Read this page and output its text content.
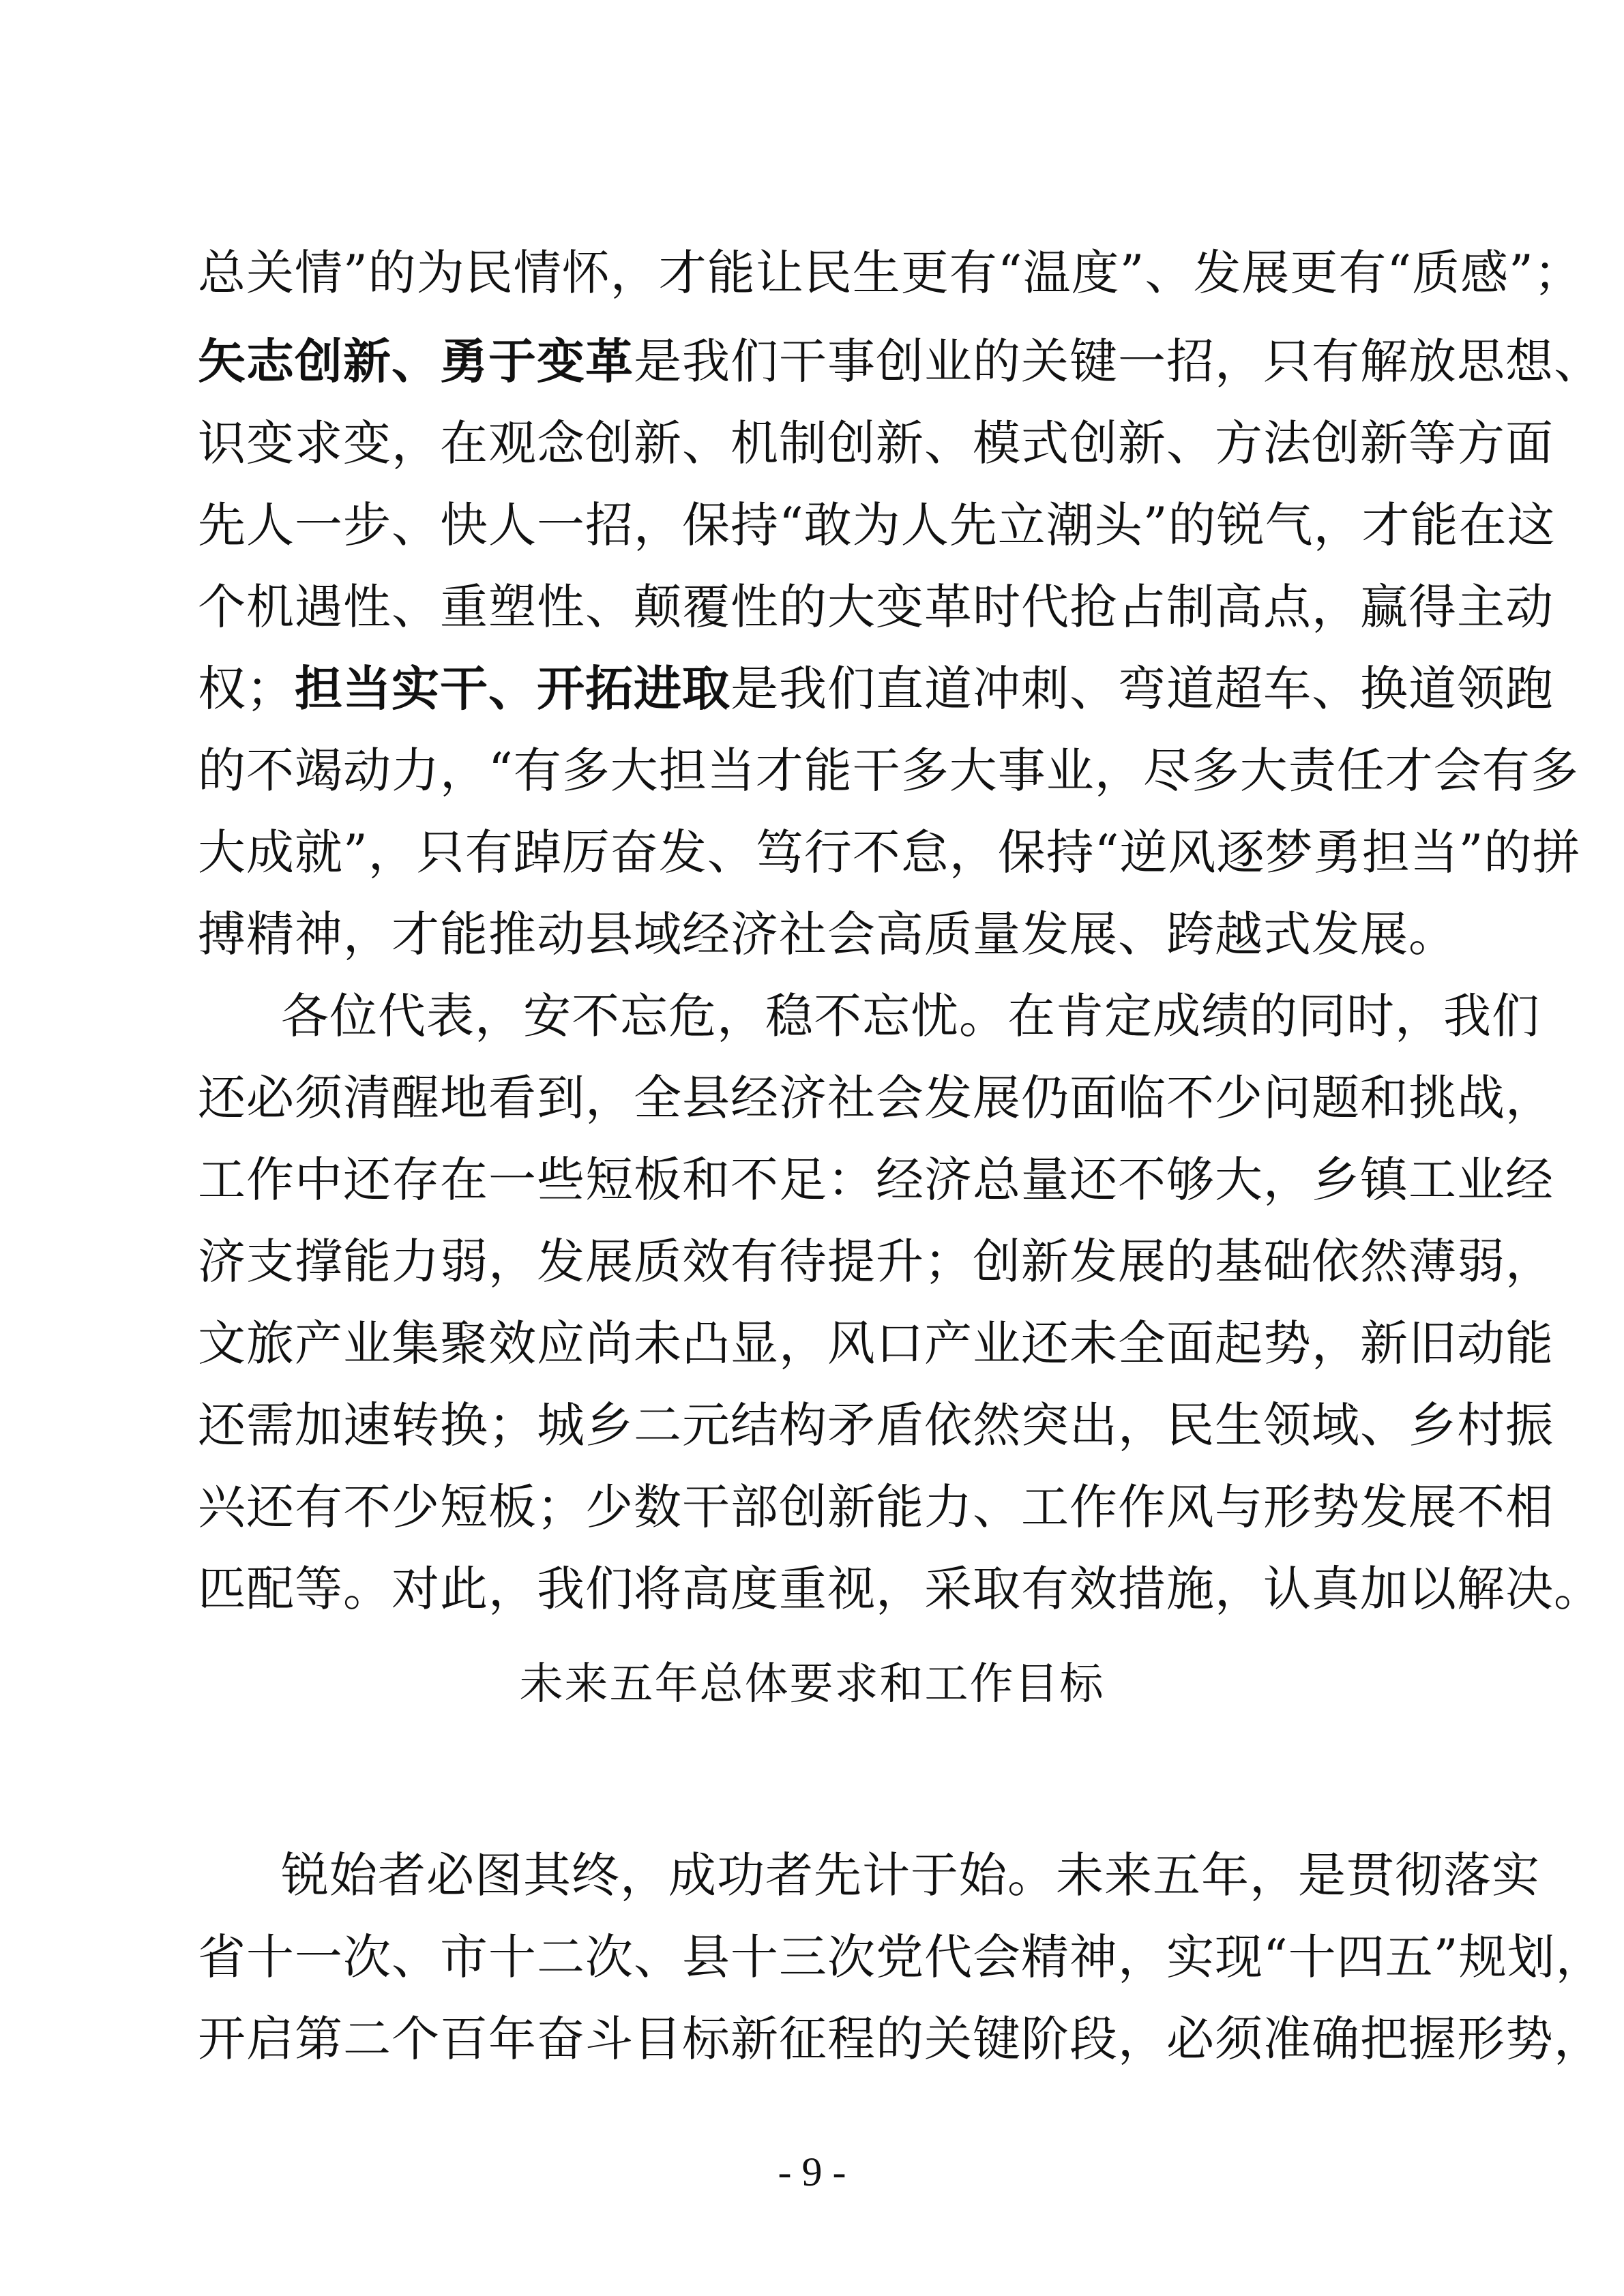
总关情”的为民情怀，才能让民生更有“温度”、发展更有“质感”；
矢志创新、勇于变革是我们干事创业的关键一招，只有解放思想、
识变求变，在观念创新、机制创新、模式创新、方法创新等方面
先人一步、快人一招，保持“敢为人先立潮头”的锐气，才能在这
个机遇性、重塑性、颠覆性的大变革时代抢占制高点，赢得主动
权；担当实干、开拓进取是我们直道冲刺、弯道超车、换道领跑
的不竭动力，“有多大担当才能干多大事业，尽多大责任才会有多
大成就”，只有踔厉奋发、笃行不怠，保持“逆风逐梦勇担当”的拼
搏精神，才能推动县域经济社会高质量发展、跨越式发展。
各位代表，安不忘危，稳不忘忧。在肯定成绩的同时，我们
还必须清醒地看到，全县经济社会发展仍面临不少问题和挑战，
工作中还存在一些短板和不足：经济总量还不够大，乡镇工业经
济支撑能力弱，发展质效有待提升；创新发展的基础依然薄弱，
文旅产业集聚效应尚未凸显，风口产业还未全面起势，新旧动能
还需加速转换；城乡二元结构矛盾依然突出，民生领域、乡村振
兴还有不少短板；少数干部创新能力、工作作风与形势发展不相
匹配等。对此，我们将高度重视，采取有效措施，认真加以解决。
未来五年总体要求和工作目标
锐始者必图其终，成功者先计于始。未来五年，是贯彻落实
省十一次、市十二次、县十三次党代会精神，实现“十四五”规划，
开启第二个百年奋斗目标新征程的关键阶段，必须准确把握形势，
- 9 -
